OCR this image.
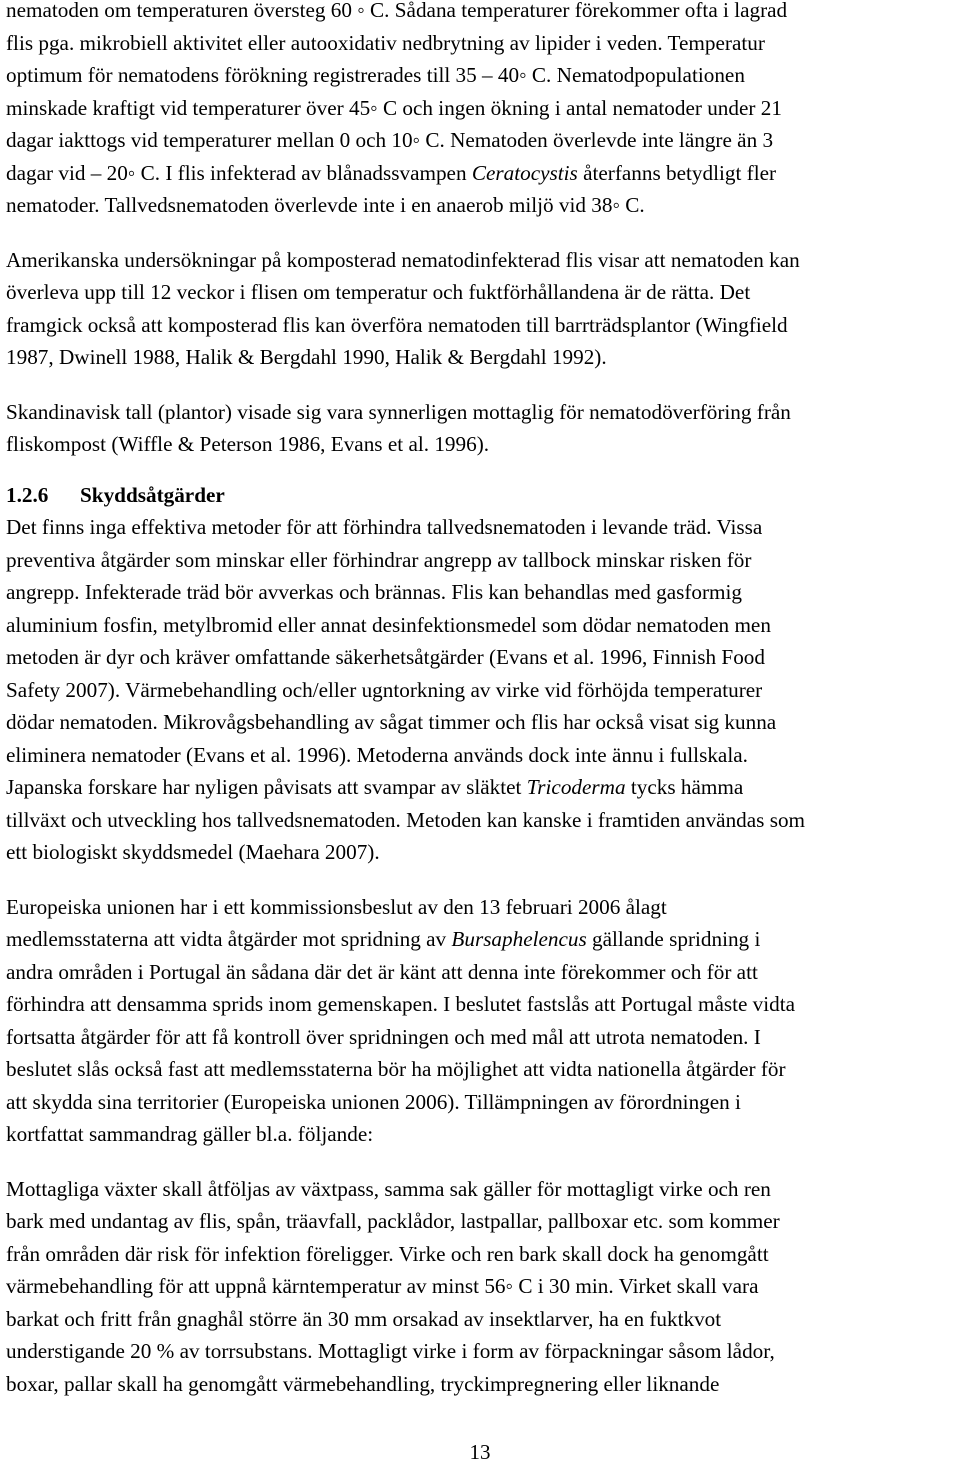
nematoden om temperaturen översteg 60 ◦ C. Sådana temperaturer förekommer ofta i lagrad
flis pga. mikrobiell aktivitet eller autooxidativ nedbrytning av lipider i veden. Temperatur
optimum för nematodens förökning registrerades till 35 – 40◦ C. Nematodpopulationen
minskade kraftigt vid temperaturer över 45◦ C och ingen ökning i antal nematoder under 21
dagar iakttogs vid temperaturer mellan 0 och 10◦ C. Nematoden överlevde inte längre än 3
dagar vid – 20◦ C. I flis infekterad av blånadssvampen Ceratocystis återfanns betydligt fler
nematoder. Tallvedsnematoden överlevde inte i en anaerob miljö vid 38◦ C.
Amerikanska undersökningar på komposterad nematodinfekterad flis visar att nematoden kan
överleva upp till 12 veckor i flisen om temperatur och fuktförhållandena är de rätta. Det
framgick också att komposterad flis kan överföra nematoden till barrträdsplantor (Wingfield
1987, Dwinell 1988, Halik & Bergdahl 1990, Halik & Bergdahl 1992).
Skandinavisk tall (plantor) visade sig vara synnerligen mottaglig för nematodöverföring från
fliskompost (Wiffle & Peterson 1986, Evans et al. 1996).
1.2.6 Skyddsåtgärder
Det finns inga effektiva metoder för att förhindra tallvedsnematoden i levande träd. Vissa
preventiva åtgärder som minskar eller förhindrar angrepp av tallbock minskar risken för
angrepp. Infekterade träd bör avverkas och brännas. Flis kan behandlas med gasformig
aluminium fosfin, metylbromid eller annat desinfektionsmedel som dödar nematoden men
metoden är dyr och kräver omfattande säkerhetsåtgärder (Evans et al. 1996, Finnish Food
Safety 2007). Värmebehandling och/eller ugntorkning av virke vid förhöjda temperaturer
dödar nematoden. Mikrovågsbehandling av sågat timmer och flis har också visat sig kunna
eliminera nematoder (Evans et al. 1996). Metoderna används dock inte ännu i fullskala.
Japanska forskare har nyligen påvisats att svampar av släktet Tricoderma tycks hämma
tillväxt och utveckling hos tallvedsnematoden. Metoden kan kanske i framtiden användas som
ett biologiskt skyddsmedel (Maehara 2007).
Europeiska unionen har i ett kommissionsbeslut av den 13 februari 2006 ålagt
medlemsstaterna att vidta åtgärder mot spridning av Bursaphelencus gällande spridning i
andra områden i Portugal än sådana där det är känt att denna inte förekommer och för att
förhindra att densamma sprids inom gemenskapen. I beslutet fastslås att Portugal måste vidta
fortsatta åtgärder för att få kontroll över spridningen och med mål att utrota nematoden. I
beslutet slås också fast att medlemsstaterna bör ha möjlighet att vidta nationella åtgärder för
att skydda sina territorier (Europeiska unionen 2006). Tillämpningen av förordningen i
kortfattat sammandrag gäller bl.a. följande:
Mottagliga växter skall åtföljas av växtpass, samma sak gäller för mottagligt virke och ren
bark med undantag av flis, spån, träavfall, packlådor, lastpallar, pallboxar etc. som kommer
från områden där risk för infektion föreligger. Virke och ren bark skall dock ha genomgått
värmebehandling för att uppnå kärntemperatur av minst 56◦ C i 30 min. Virket skall vara
barkat och fritt från gnaghål större än 30 mm orsakad av insektlarver, ha en fuktkvot
understigande 20 % av torrsubstans. Mottagligt virke i form av förpackningar såsom lådor,
boxar, pallar skall ha genomgått värmebehandling, tryckimpregnering eller liknande
13
